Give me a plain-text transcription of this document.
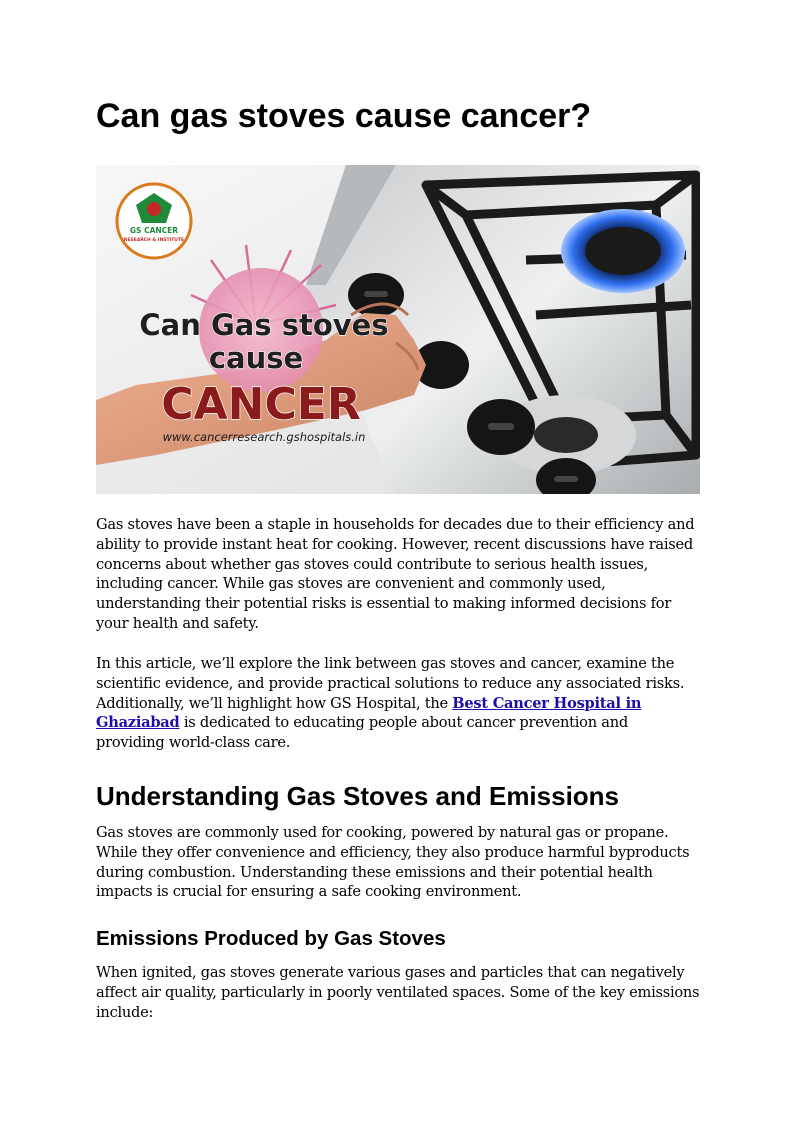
Can gas stoves cause cancer?
GS CANCER
RESEARCH & INSTITUTE
Can Gas stoves
cause
CANCER
www.cancerresearch.gshospitals.in

Gas stoves have been a staple in households for decades due to their efficiency and ability to provide instant heat for cooking. However, recent discussions have raised concerns about whether gas stoves could contribute to serious health issues, including cancer. While gas stoves are convenient and commonly used, understanding their potential risks is essential to making informed decisions for your health and safety.

In this article, we’ll explore the link between gas stoves and cancer, examine the scientific evidence, and provide practical solutions to reduce any associated risks. Additionally, we’ll highlight how GS Hospital, the Best Cancer Hospital in Ghaziabad is dedicated to educating people about cancer prevention and providing world-class care.

Understanding Gas Stoves and Emissions

Gas stoves are commonly used for cooking, powered by natural gas or propane. While they offer convenience and efficiency, they also produce harmful byproducts during combustion. Understanding these emissions and their potential health impacts is crucial for ensuring a safe cooking environment.

Emissions Produced by Gas Stoves

When ignited, gas stoves generate various gases and particles that can negatively affect air quality, particularly in poorly ventilated spaces. Some of the key emissions include:
